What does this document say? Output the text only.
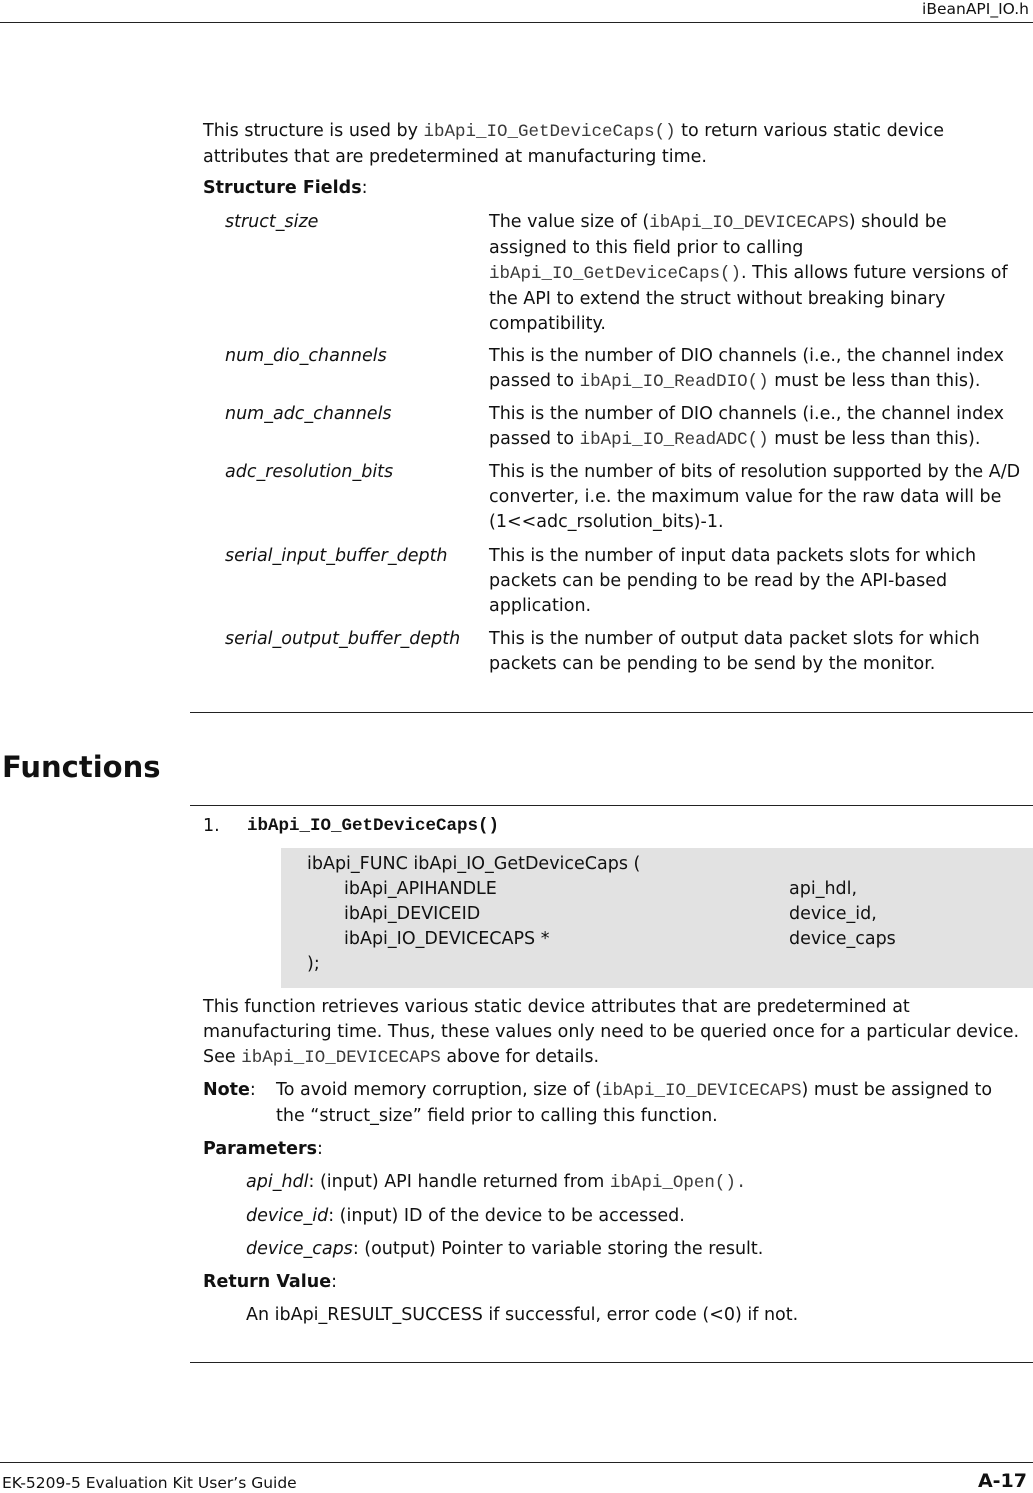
iBeanAPI_IO.h
This structure is used by ibApi_IO_GetDeviceCaps() to return various static device attributes that are predetermined at manufacturing time.
Structure Fields:
struct_size	The value size of (ibApi_IO_DEVICECAPS) should be assigned to this field prior to calling ibApi_IO_GetDeviceCaps(). This allows future versions of the API to extend the struct without breaking binary compatibility.
num_dio_channels	This is the number of DIO channels (i.e., the channel index passed to ibApi_IO_ReadDIO() must be less than this).
num_adc_channels	This is the number of DIO channels (i.e., the channel index passed to ibApi_IO_ReadADC() must be less than this).
adc_resolution_bits	This is the number of bits of resolution supported by the A/D converter, i.e. the maximum value for the raw data will be (1<<adc_rsolution_bits)-1.
serial_input_buffer_depth This is the number of input data packets slots for which packets can be pending to be read by the API-based application.
serial_output_buffer_depth This is the number of output data packet slots for which packets can be pending to be send by the monitor.
Functions
1. ibApi_IO_GetDeviceCaps()
ibApi_FUNC ibApi_IO_GetDeviceCaps (
ibApi_APIHANDLE	api_hdl,
ibApi_DEVICEID	device_id,
ibApi_IO_DEVICECAPS *	device_caps
);
This function retrieves various static device attributes that are predetermined at manufacturing time. Thus, these values only need to be queried once for a particular device. See ibApi_IO_DEVICECAPS above for details.
Note: To avoid memory corruption, size of (ibApi_IO_DEVICECAPS) must be assigned to the “struct_size” field prior to calling this function.
Parameters:
api_hdl: (input) API handle returned from ibApi_Open().
device_id: (input) ID of the device to be accessed.
device_caps: (output) Pointer to variable storing the result.
Return Value:
An ibApi_RESULT_SUCCESS if successful, error code (<0) if not.
EK-5209-5 Evaluation Kit User’s Guide	A-17
